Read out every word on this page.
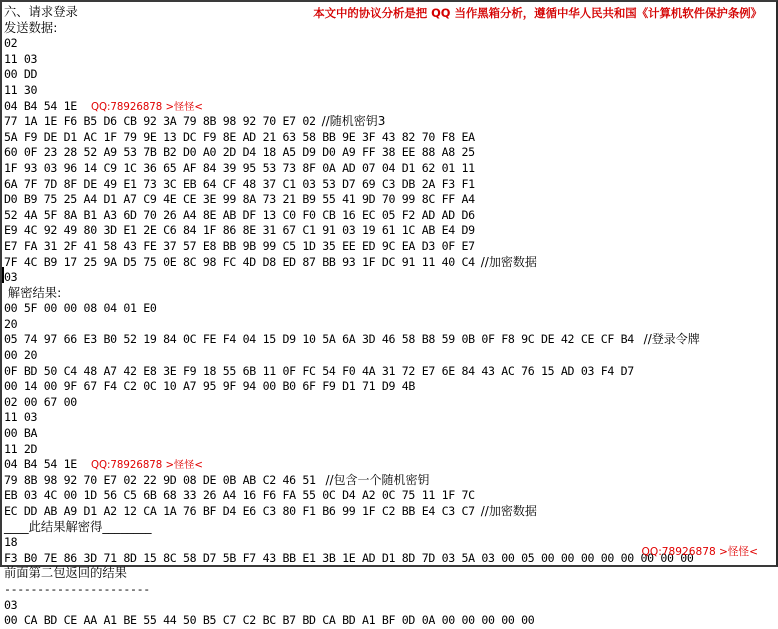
本文中的协议分析是把 QQ 当作黑箱分析，遵循中华人民共和国《计算机软件保护条例》
六、请求登录
发送数据:
02
11 03
00 DD
11 30
04 B4 54 1E QQ:78926878 >怪怪<
77 1A 1E F6 B5 D6 CB 92 3A 79 8B 98 92 70 E7 02 //随机密钥3
5A F9 DE D1 AC 1F 79 9E 13 DC F9 8E AD 21 63 58 BB 9E 3F 43 82 70 F8 EA
60 0F 23 28 52 A9 53 7B B2 D0 A0 2D D4 18 A5 D9 D0 A9 FF 38 EE 88 A8 25
1F 93 03 96 14 C9 1C 36 65 AF 84 39 95 53 73 8F 0A AD 07 04 D1 62 01 11
6A 7F 7D 8F DE 49 E1 73 3C EB 64 CF 48 37 C1 03 53 D7 69 C3 DB 2A F3 F1
D0 B9 75 25 A4 D1 A7 C9 4E CE 3E 99 8A 73 21 B9 55 41 9D 70 99 8C FF A4
52 4A 5F 8A B1 A3 6D 70 26 A4 8E AB DF 13 C0 F0 CB 16 EC 05 F2 AD AD D6
E9 4C 92 49 80 3D E1 2E C6 84 1F 86 8E 31 67 C1 91 03 19 61 1C AB E4 D9
E7 FA 31 2F 41 58 43 FE 37 57 E8 BB 9B 99 C5 1D 35 EE ED 9C EA D3 0F E7
7F 4C B9 17 25 9A D5 75 0E 8C 98 FC 4D D8 ED 87 BB 93 1F DC 91 11 40 C4 //加密数据
03
解密结果:
00 5F 00 00 08 04 01 E0
20
05 74 97 66 E3 B0 52 19 84 0C FE F4 04 15 D9 10 5A 6A 3D 46 58 B8 59 0B 0F F8 9C DE 42 CE CF B4 //登录令牌
00 20
0F BD 50 C4 48 A7 42 E8 3E F9 18 55 6B 11 0F FC 54 F0 4A 31 72 E7 6E 84 43 AC 76 15 AD 03 F4 D7
00 14 00 9F 67 F4 C2 0C 10 A7 95 9F 94 00 B0 6F F9 D1 71 D9 4B
02 00 67 00
11 03
00 BA
11 2D
04 B4 54 1E QQ:78926878 >怪怪<
79 8B 98 92 70 E7 02 22 9D 08 DE 0B AB C2 46 51 //包含一个随机密钥
EB 03 4C 00 1D 56 C5 6B 68 33 26 A4 16 F6 FA 55 0C D4 A2 0C 75 11 1F 7C
EC DD AB A9 D1 A2 12 CA 1A 76 BF D4 E6 C3 80 F1 B6 99 1F C2 BB E4 C3 C7 //加密数据
____此结果解密得________
18
F3 B0 7E 86 3D 71 8D 15 8C 58 D7 5B F7 43 BB E1 3B 1E AD D1 8D 7D 03 5A 03 00 05 00 00 00 00 00 00 00 00
前面第二包返回的结果
----------------------
03
00 CA BD CE AA A1 BE 55 44 50 B5 C7 C2 BC B7 BD CA BD A1 BF 0D 0A 00 00 00 00 00
QQ:78926878 >怪怪<
